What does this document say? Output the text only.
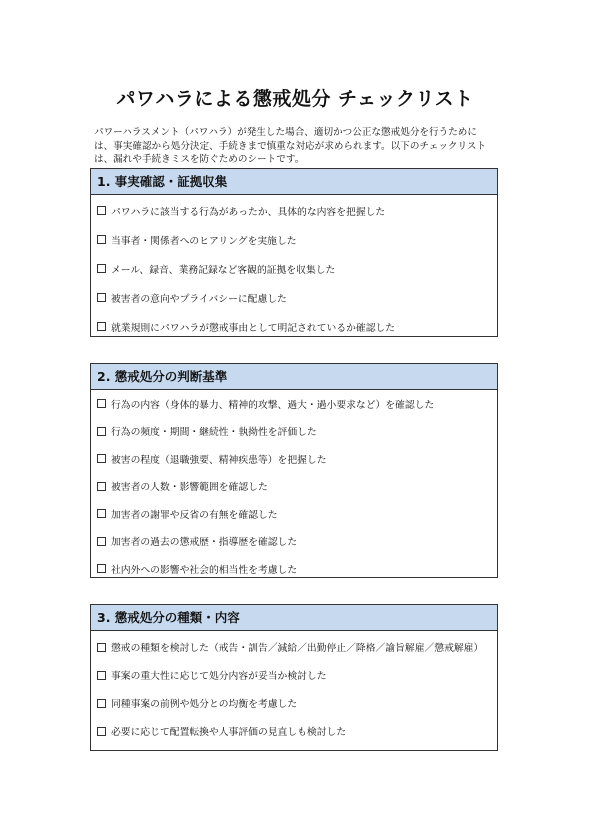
パワハラによる懲戒処分 チェックリスト
パワーハラスメント（パワハラ）が発生した場合、適切かつ公正な懲戒処分を行うために
は、事実確認から処分決定、手続きまで慎重な対応が求められます。以下のチェックリスト
は、漏れや手続きミスを防ぐためのシートです。
1. 事実確認・証拠収集
パワハラに該当する行為があったか、具体的な内容を把握した
当事者・関係者へのヒアリングを実施した
メール、録音、業務記録など客観的証拠を収集した
被害者の意向やプライバシーに配慮した
就業規則にパワハラが懲戒事由として明記されているか確認した
2. 懲戒処分の判断基準
行為の内容（身体的暴力、精神的攻撃、過大・過小要求など）を確認した
行為の頻度・期間・継続性・執拗性を評価した
被害の程度（退職強要、精神疾患等）を把握した
被害者の人数・影響範囲を確認した
加害者の謝罪や反省の有無を確認した
加害者の過去の懲戒歴・指導歴を確認した
社内外への影響や社会的相当性を考慮した
3. 懲戒処分の種類・内容
懲戒の種類を検討した（戒告・訓告／減給／出勤停止／降格／諭旨解雇／懲戒解雇）
事案の重大性に応じて処分内容が妥当か検討した
同種事案の前例や処分との均衡を考慮した
必要に応じて配置転換や人事評価の見直しも検討した
